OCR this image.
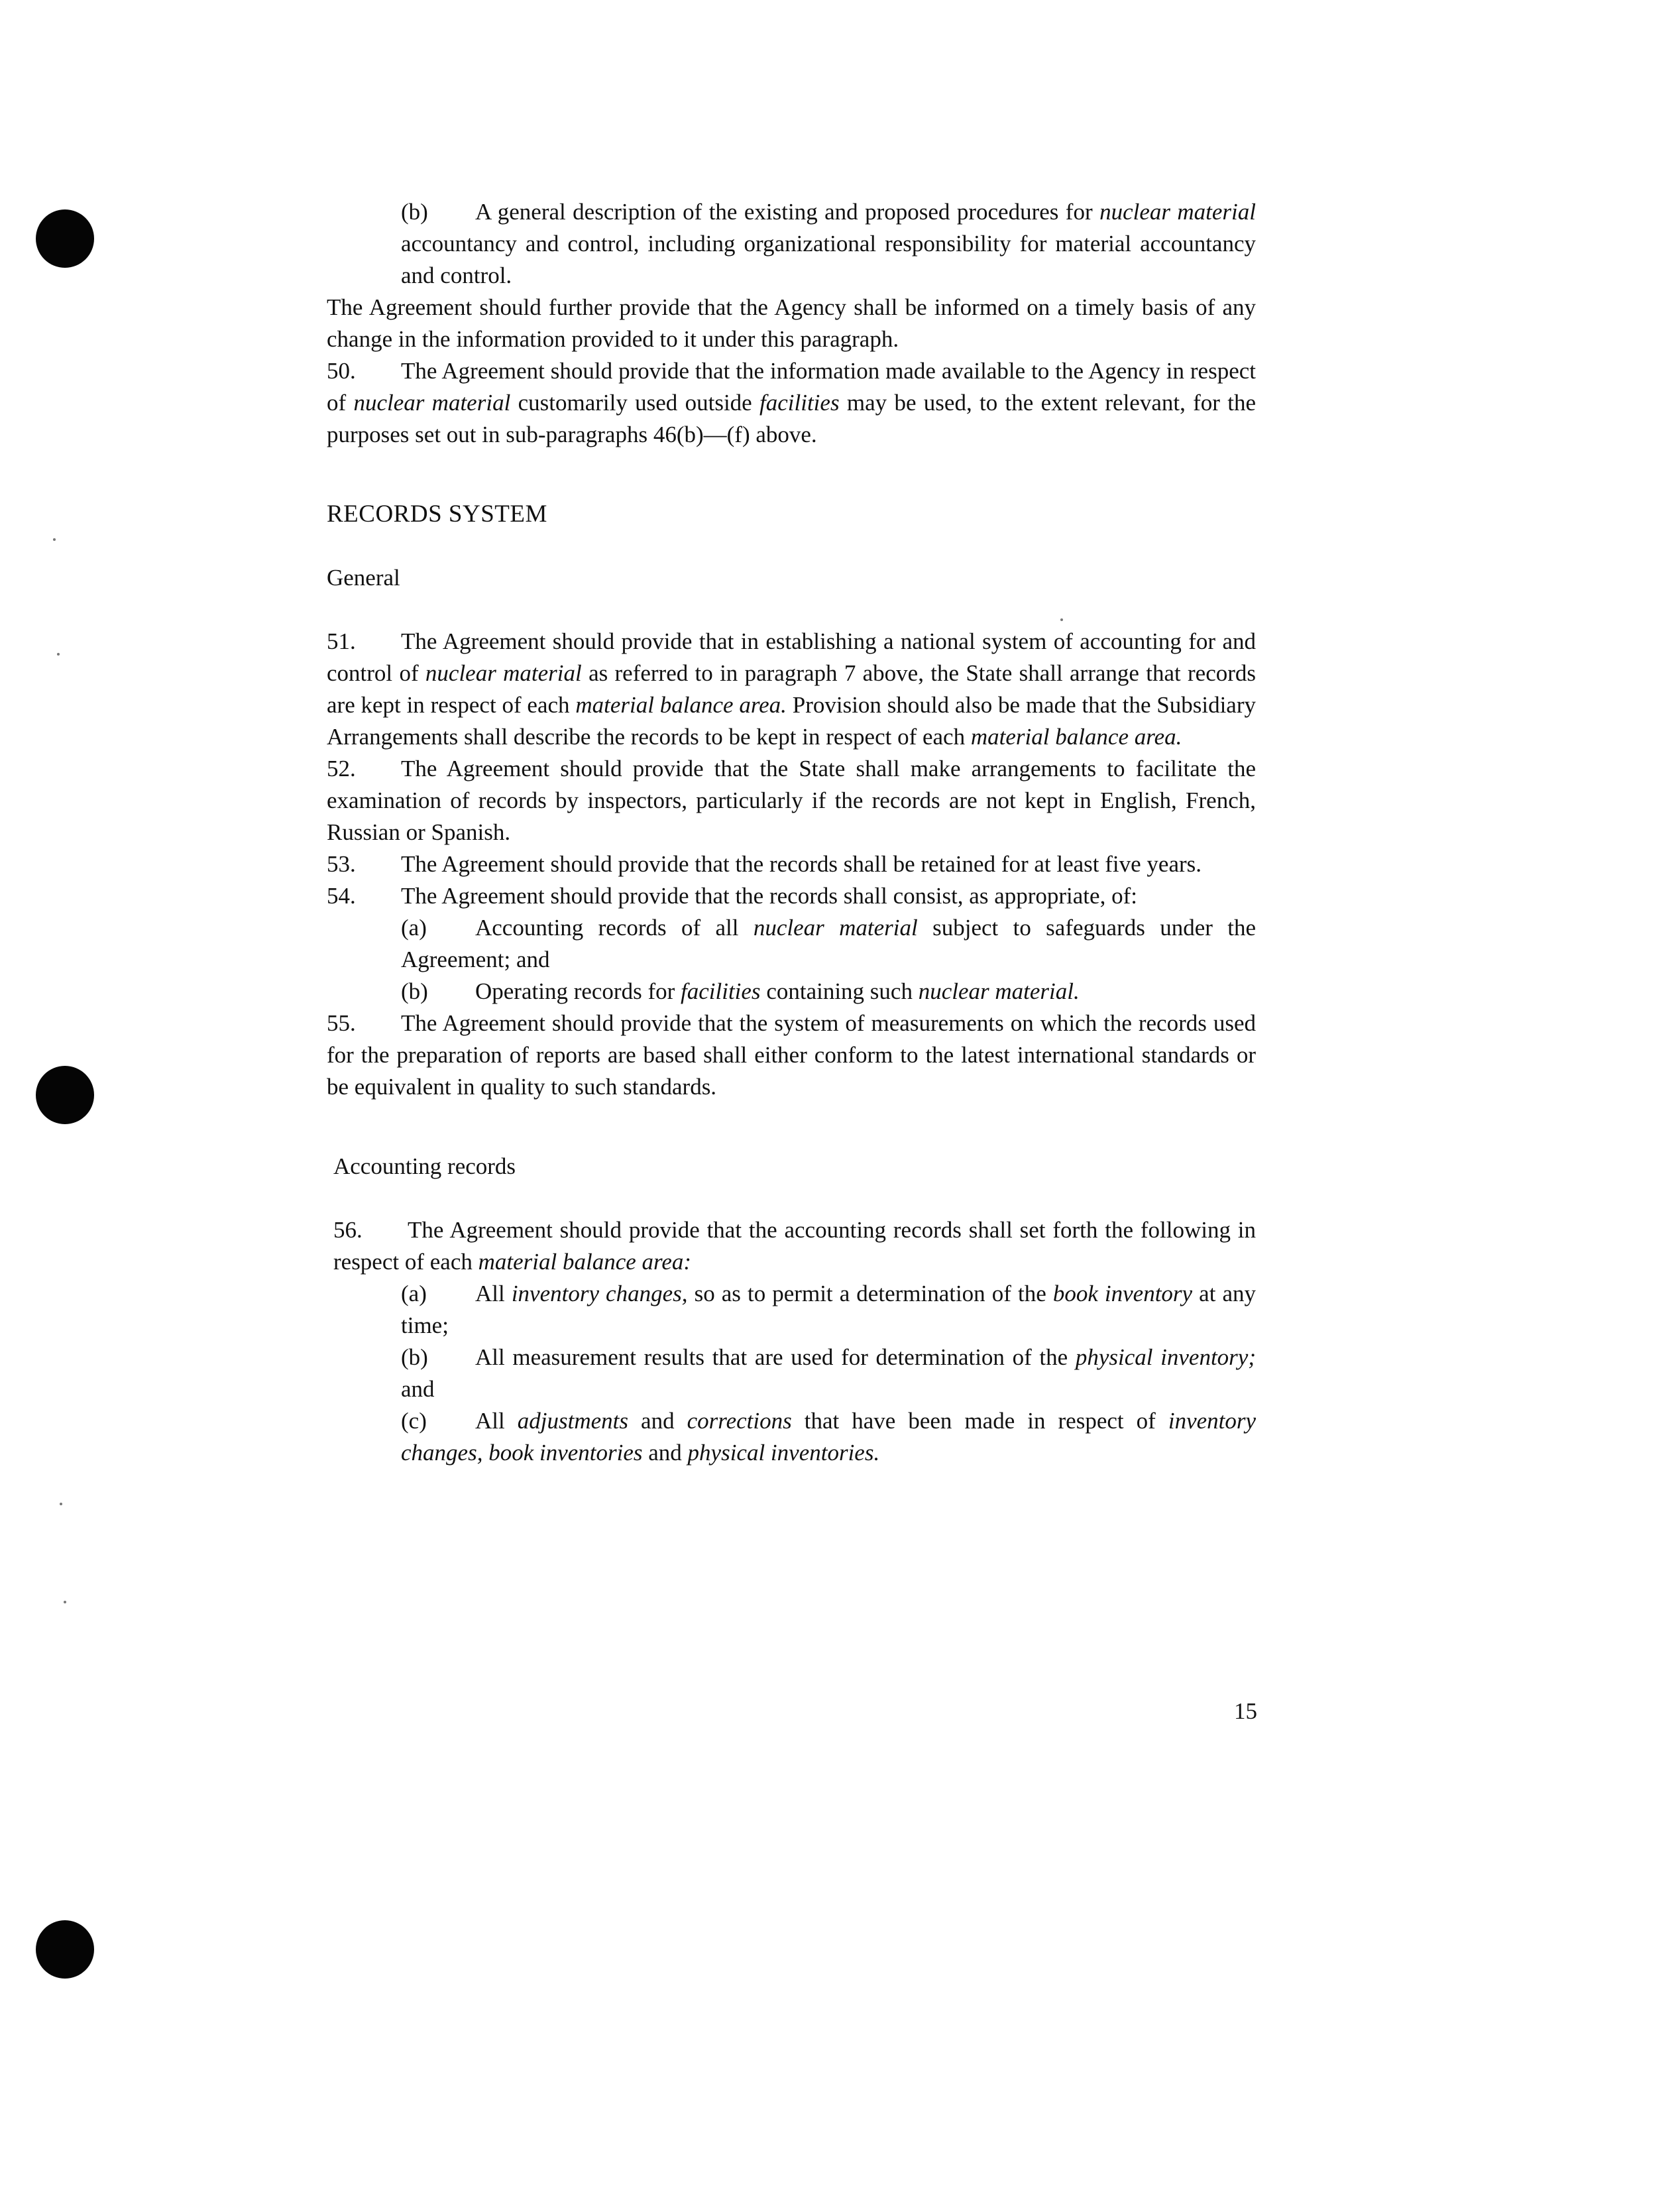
(b) A general description of the existing and proposed procedures for nuclear material accountancy and control, including organizational responsibility for material accountancy and control.

The Agreement should further provide that the Agency shall be informed on a timely basis of any change in the information provided to it under this paragraph.

50. The Agreement should provide that the information made available to the Agency in respect of nuclear material customarily used outside facilities may be used, to the extent relevant, for the purposes set out in sub-paragraphs 46(b)—(f) above.

RECORDS SYSTEM

General

51. The Agreement should provide that in establishing a national system of accounting for and control of nuclear material as referred to in paragraph 7 above, the State shall arrange that records are kept in respect of each material balance area. Provision should also be made that the Subsidiary Arrangements shall describe the records to be kept in respect of each material balance area.

52. The Agreement should provide that the State shall make arrangements to facilitate the examination of records by inspectors, particularly if the records are not kept in English, French, Russian or Spanish.

53. The Agreement should provide that the records shall be retained for at least five years.

54. The Agreement should provide that the records shall consist, as appropriate, of:

(a) Accounting records of all nuclear material subject to safeguards under the Agreement; and

(b) Operating records for facilities containing such nuclear material.

55. The Agreement should provide that the system of measurements on which the records used for the preparation of reports are based shall either conform to the latest international standards or be equivalent in quality to such standards.

Accounting records

56. The Agreement should provide that the accounting records shall set forth the following in respect of each material balance area:

(a) All inventory changes, so as to permit a determination of the book inventory at any time;

(b) All measurement results that are used for determination of the physical inventory; and

(c) All adjustments and corrections that have been made in respect of inventory changes, book inventories and physical inventories.

15
